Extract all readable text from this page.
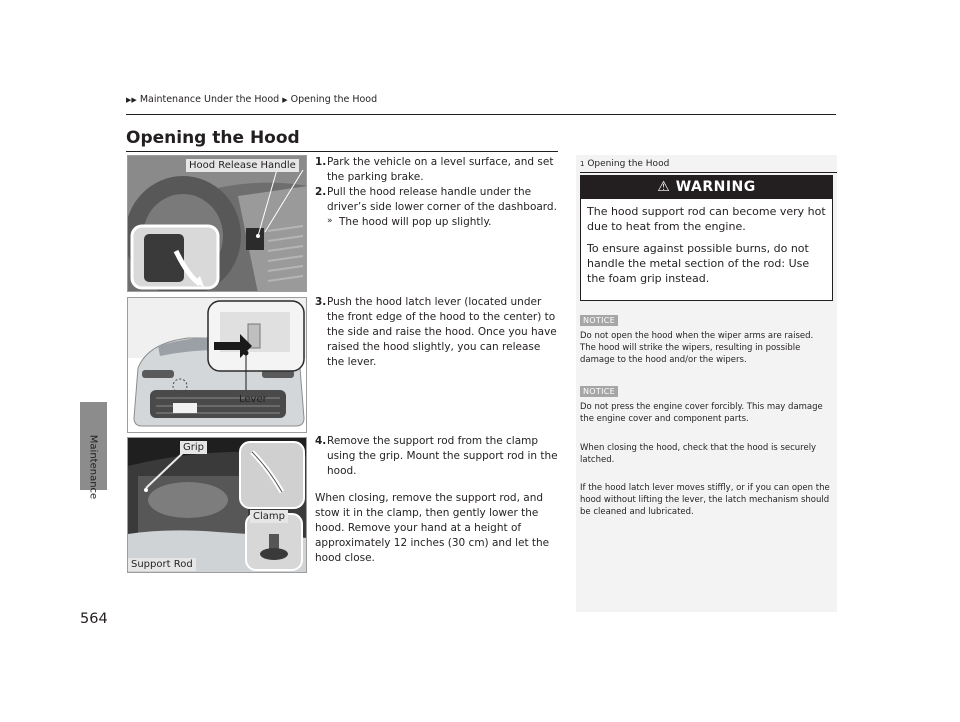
▶▶ Maintenance Under the Hood ▶ Opening the Hood
Maintenance
564
Opening the Hood
Hood Release Handle
Lever
Grip
Clamp
Support Rod
1. Park the vehicle on a level surface, and set the parking brake.
2. Pull the hood release handle under the driver’s side lower corner of the dashboard.
» The hood will pop up slightly.
3. Push the hood latch lever (located under the front edge of the hood to the center) to the side and raise the hood. Once you have raised the hood slightly, you can release the lever.
4. Remove the support rod from the clamp using the grip. Mount the support rod in the hood.

When closing, remove the support rod, and stow it in the clamp, then gently lower the hood. Remove your hand at a height of approximately 12 inches (30 cm) and let the hood close.

1 Opening the Hood
⚠ WARNING

The hood support rod can become very hot due to heat from the engine.

To ensure against possible burns, do not handle the metal section of the rod: Use the foam grip instead.

NOTICE
Do not open the hood when the wiper arms are raised. The hood will strike the wipers, resulting in possible damage to the hood and/or the wipers.
NOTICE
Do not press the engine cover forcibly. This may damage the engine cover and component parts.
When closing the hood, check that the hood is securely latched.
If the hood latch lever moves stiffly, or if you can open the hood without lifting the lever, the latch mechanism should be cleaned and lubricated.
